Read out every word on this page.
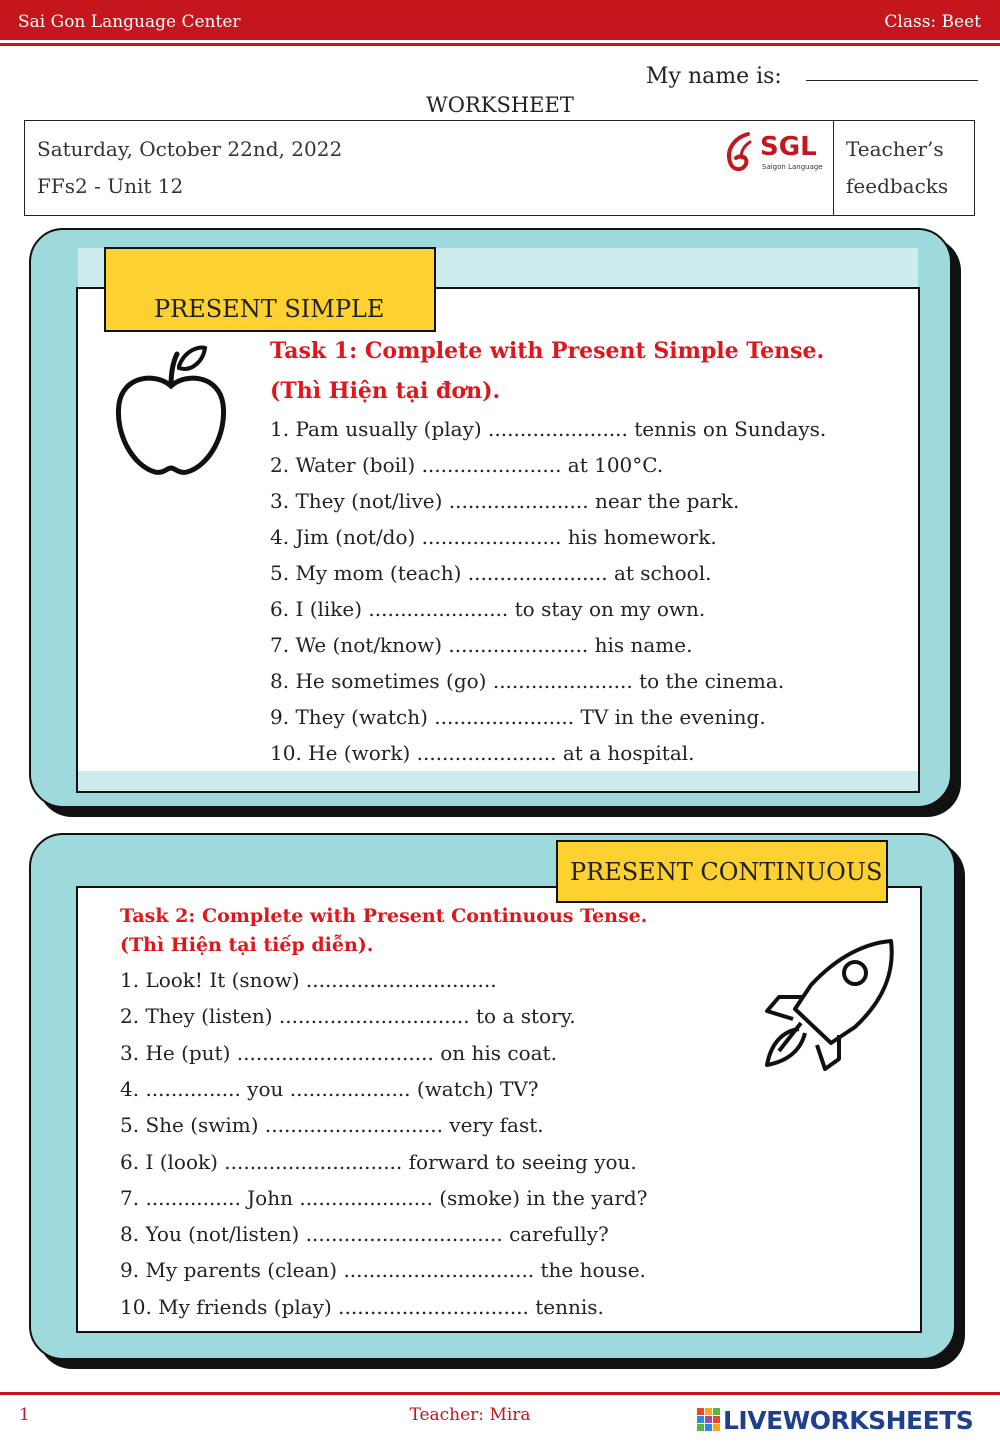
Sai Gon Language Center	Class: Beet
My name is:
WORKSHEET
Saturday, October 22nd, 2022
FFs2 - Unit 12
SGL
Saigon Language
Teacher’s
feedbacks
PRESENT SIMPLE
Task 1: Complete with Present Simple Tense.
(Thì Hiện tại đơn).
1. Pam usually (play) ...................... tennis on Sundays.
2. Water (boil) ...................... at 100°C.
3. They (not/live) ...................... near the park.
4. Jim (not/do) ...................... his homework.
5. My mom (teach) ...................... at school.
6. I (like) ...................... to stay on my own.
7. We (not/know) ...................... his name.
8. He sometimes (go) ...................... to the cinema.
9. They (watch) ...................... TV in the evening.
10. He (work) ...................... at a hospital.
PRESENT CONTINUOUS
Task 2: Complete with Present Continuous Tense.
(Thì Hiện tại tiếp diễn).
1. Look! It (snow) ..............................
2. They (listen) .............................. to a story.
3. He (put) ............................... on his coat.
4. ............... you ................... (watch) TV?
5. She (swim) ............................ very fast.
6. I (look) ............................ forward to seeing you.
7. ............... John ..................... (smoke) in the yard?
8. You (not/listen) ............................... carefully?
9. My parents (clean) .............................. the house.
10. My friends (play) .............................. tennis.
1	Teacher: Mira	LIVEWORKSHEETS
